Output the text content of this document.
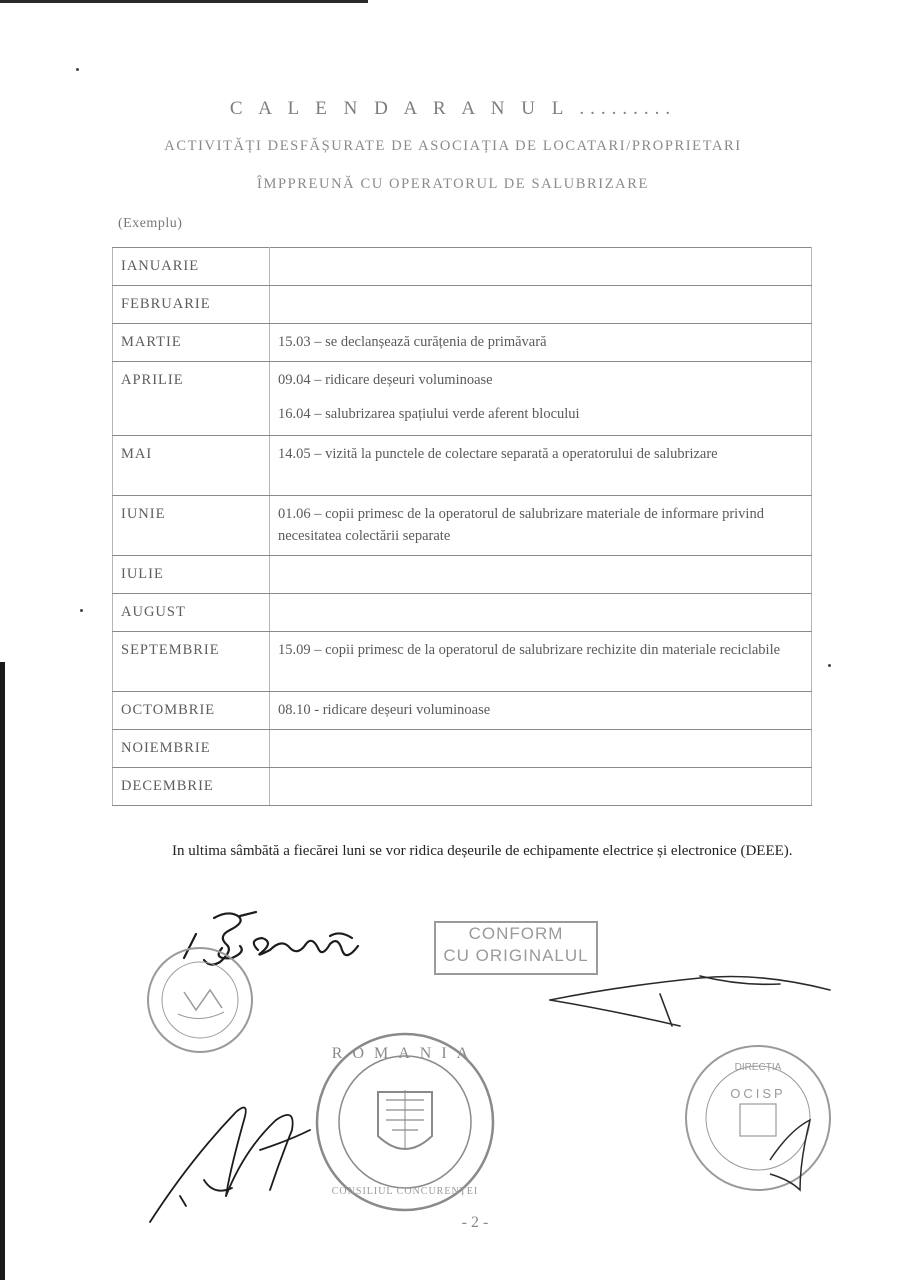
C A L E N D A R A N U L .........
ACTIVITĂȚI DESFĂȘURATE DE ASOCIAȚIA DE LOCATARI/PROPRIETARI
ÎMPPREUNĂ CU OPERATORUL DE SALUBRIZARE
(Exemplu)
IANUARIE	
FEBRUARIE	
MARTIE	15.03 – se declanșează curățenia de primăvară

APRILIE	09.04 – ridicare deșeuri voluminoase

16.04 – salubrizarea spațiului verde aferent blocului

MAI	14.05 – vizită la punctele de colectare separată a operatorului de salubrizare

IUNIE	01.06 – copii primesc de la operatorul de salubrizare materiale de informare privind necesitatea colectării separate

IULIE	
AUGUST	
SEPTEMBRIE	15.09 – copii primesc de la operatorul de salubrizare rechizite din materiale reciclabile

OCTOMBRIE	08.10 - ridicare deșeuri voluminoase

NOIEMBRIE	
DECEMBRIE	
In ultima sâmbătă a fiecărei luni se vor ridica deșeurile de echipamente electrice și electronice (DEEE).
ROMANIA
CONSILIUL CONCURENȚEI
DIRECȚIA
OCISP
CONFORM
CU ORIGINALUL
- 2 -
